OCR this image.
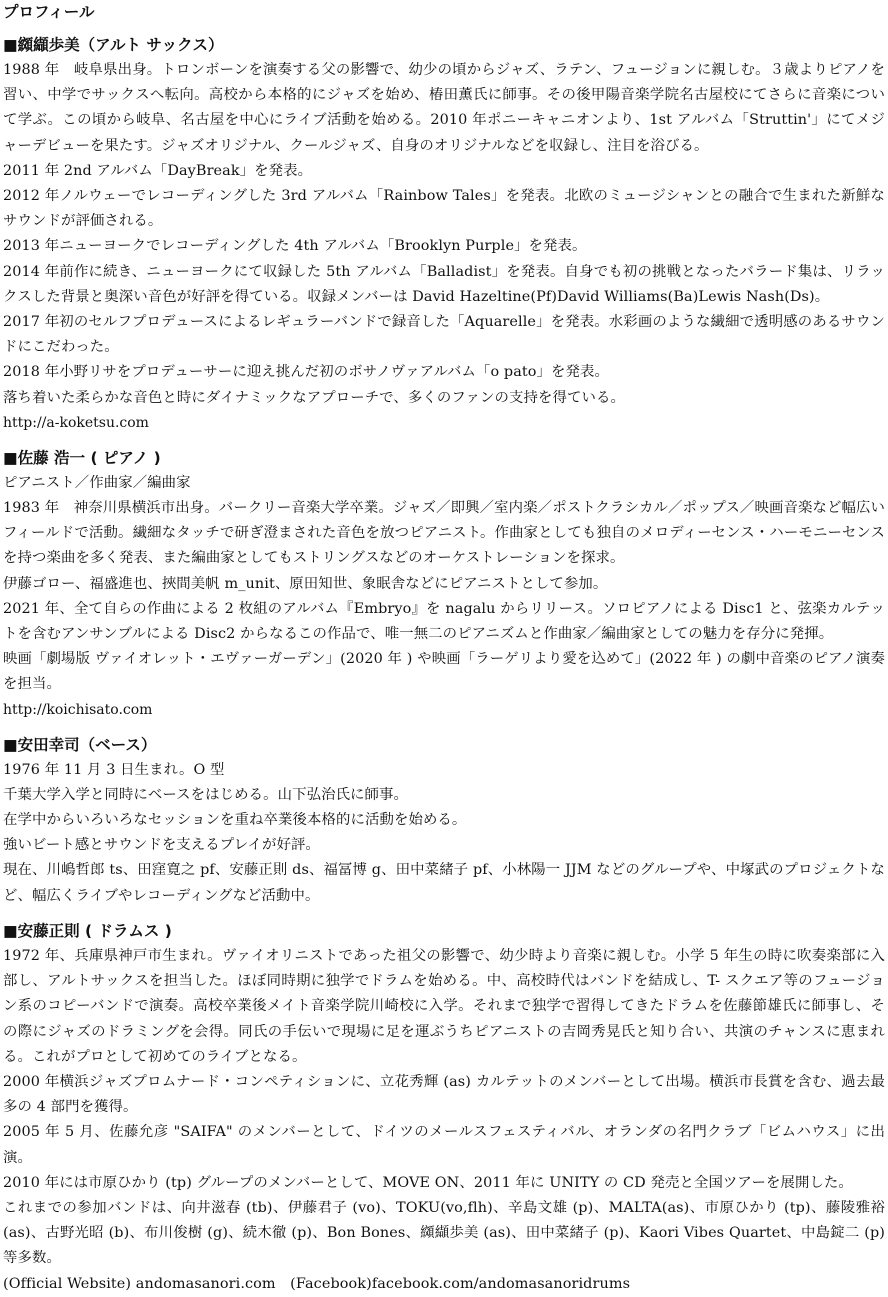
プロフィール
■纐纈歩美（アルト サックス）

1988 年　岐阜県出身。トロンボーンを演奏する父の影響で、幼少の頃からジャズ、ラテン、フュージョンに親しむ。３歳よりピアノを習い、中学でサックスへ転向。高校から本格的にジャズを始め、椿田薫氏に師事。その後甲陽音楽学院名古屋校にてさらに音楽について学ぶ。この頃から岐阜、名古屋を中心にライブ活動を始める。2010 年ポニーキャニオンより、1st アルバム「Struttin'」にてメジャーデビューを果たす。ジャズオリジナル、クールジャズ、自身のオリジナルなどを収録し、注目を浴びる。

2011 年 2nd アルバム「DayBreak」を発表。

2012 年ノルウェーでレコーディングした 3rd アルバム「Rainbow Tales」を発表。北欧のミュージシャンとの融合で生まれた新鮮なサウンドが評価される。

2013 年ニューヨークでレコーディングした 4th アルバム「Brooklyn Purple」を発表。

2014 年前作に続き、ニューヨークにて収録した 5th アルバム「Balladist」を発表。自身でも初の挑戦となったバラード集は、リラックスした背景と奥深い音色が好評を得ている。収録メンバーは David Hazeltine(Pf)David Williams(Ba)Lewis Nash(Ds)。

2017 年初のセルフプロデュースによるレギュラーバンドで録音した「Aquarelle」を発表。水彩画のような繊細で透明感のあるサウンドにこだわった。

2018 年小野リサをプロデューサーに迎え挑んだ初のボサノヴァアルバム「o pato」を発表。

落ち着いた柔らかな音色と時にダイナミックなアプローチで、多くのファンの支持を得ている。

http://a-koketsu.com

■佐藤 浩一 ( ピアノ )

ピアニスト／作曲家／編曲家

1983 年　神奈川県横浜市出身。バークリー音楽大学卒業。ジャズ／即興／室内楽／ポストクラシカル／ポップス／映画音楽など幅広いフィールドで活動。繊細なタッチで研ぎ澄まされた音色を放つピアニスト。作曲家としても独自のメロディーセンス・ハーモニーセンスを持つ楽曲を多く発表、また編曲家としてもストリングスなどのオーケストレーションを探求。

伊藤ゴロー、福盛進也、挾間美帆 m_unit、原田知世、象眠舎などにピアニストとして参加。

2021 年、全て自らの作曲による 2 枚組のアルバム『Embryo』を nagalu からリリース。ソロピアノによる Disc1 と、弦楽カルテットを含むアンサンブルによる Disc2 からなるこの作品で、唯一無二のピアニズムと作曲家／編曲家としての魅力を存分に発揮。

映画「劇場版 ヴァイオレット・エヴァーガーデン」(2020 年 ) や映画「ラーゲリより愛を込めて」(2022 年 ) の劇中音楽のピアノ演奏を担当。

http://koichisato.com

■安田幸司（ベース）

1976 年 11 月 3 日生まれ。O 型

千葉大学入学と同時にベースをはじめる。山下弘治氏に師事。

在学中からいろいろなセッションを重ね卒業後本格的に活動を始める。

強いビート感とサウンドを支えるプレイが好評。

現在、川嶋哲郎 ts、田窪寛之 pf、安藤正則 ds、福冨博 g、田中菜緒子 pf、小林陽一 JJM などのグループや、中塚武のプロジェクトなど、幅広くライブやレコーディングなど活動中。

■安藤正則 ( ドラムス )

1972 年、兵庫県神戸市生まれ。ヴァイオリニストであった祖父の影響で、幼少時より音楽に親しむ。小学 5 年生の時に吹奏楽部に入部し、アルトサックスを担当した。ほぼ同時期に独学でドラムを始める。中、高校時代はバンドを結成し、T- スクエア等のフュージョン系のコピーバンドで演奏。高校卒業後メイト音楽学院川崎校に入学。それまで独学で習得してきたドラムを佐藤節雄氏に師事し、その際にジャズのドラミングを会得。同氏の手伝いで現場に足を運ぶうちピアニストの吉岡秀晃氏と知り合い、共演のチャンスに恵まれる。これがプロとして初めてのライブとなる。

2000 年横浜ジャズプロムナード・コンペティションに、立花秀輝 (as) カルテットのメンバーとして出場。横浜市長賞を含む、過去最多の 4 部門を獲得。

2005 年 5 月、佐藤允彦 "SAIFA" のメンバーとして、ドイツのメールスフェスティバル、オランダの名門クラブ「ビムハウス」に出演。

2010 年には市原ひかり (tp) グループのメンバーとして、MOVE ON、2011 年に UNITY の CD 発売と全国ツアーを展開した。

これまでの参加バンドは、向井滋春 (tb)、伊藤君子 (vo)、TOKU(vo,flh)、辛島文雄 (p)、MALTA(as)、市原ひかり (tp)、藤陵雅裕 (as)、古野光昭 (b)、布川俊樹 (g)、続木徹 (p)、Bon Bones、纐纈歩美 (as)、田中菜緒子 (p)、Kaori Vibes Quartet、中島錠二 (p) 等多数。

(Official Website) andomasanori.com　(Facebook)facebook.com/andomasanoridrums
